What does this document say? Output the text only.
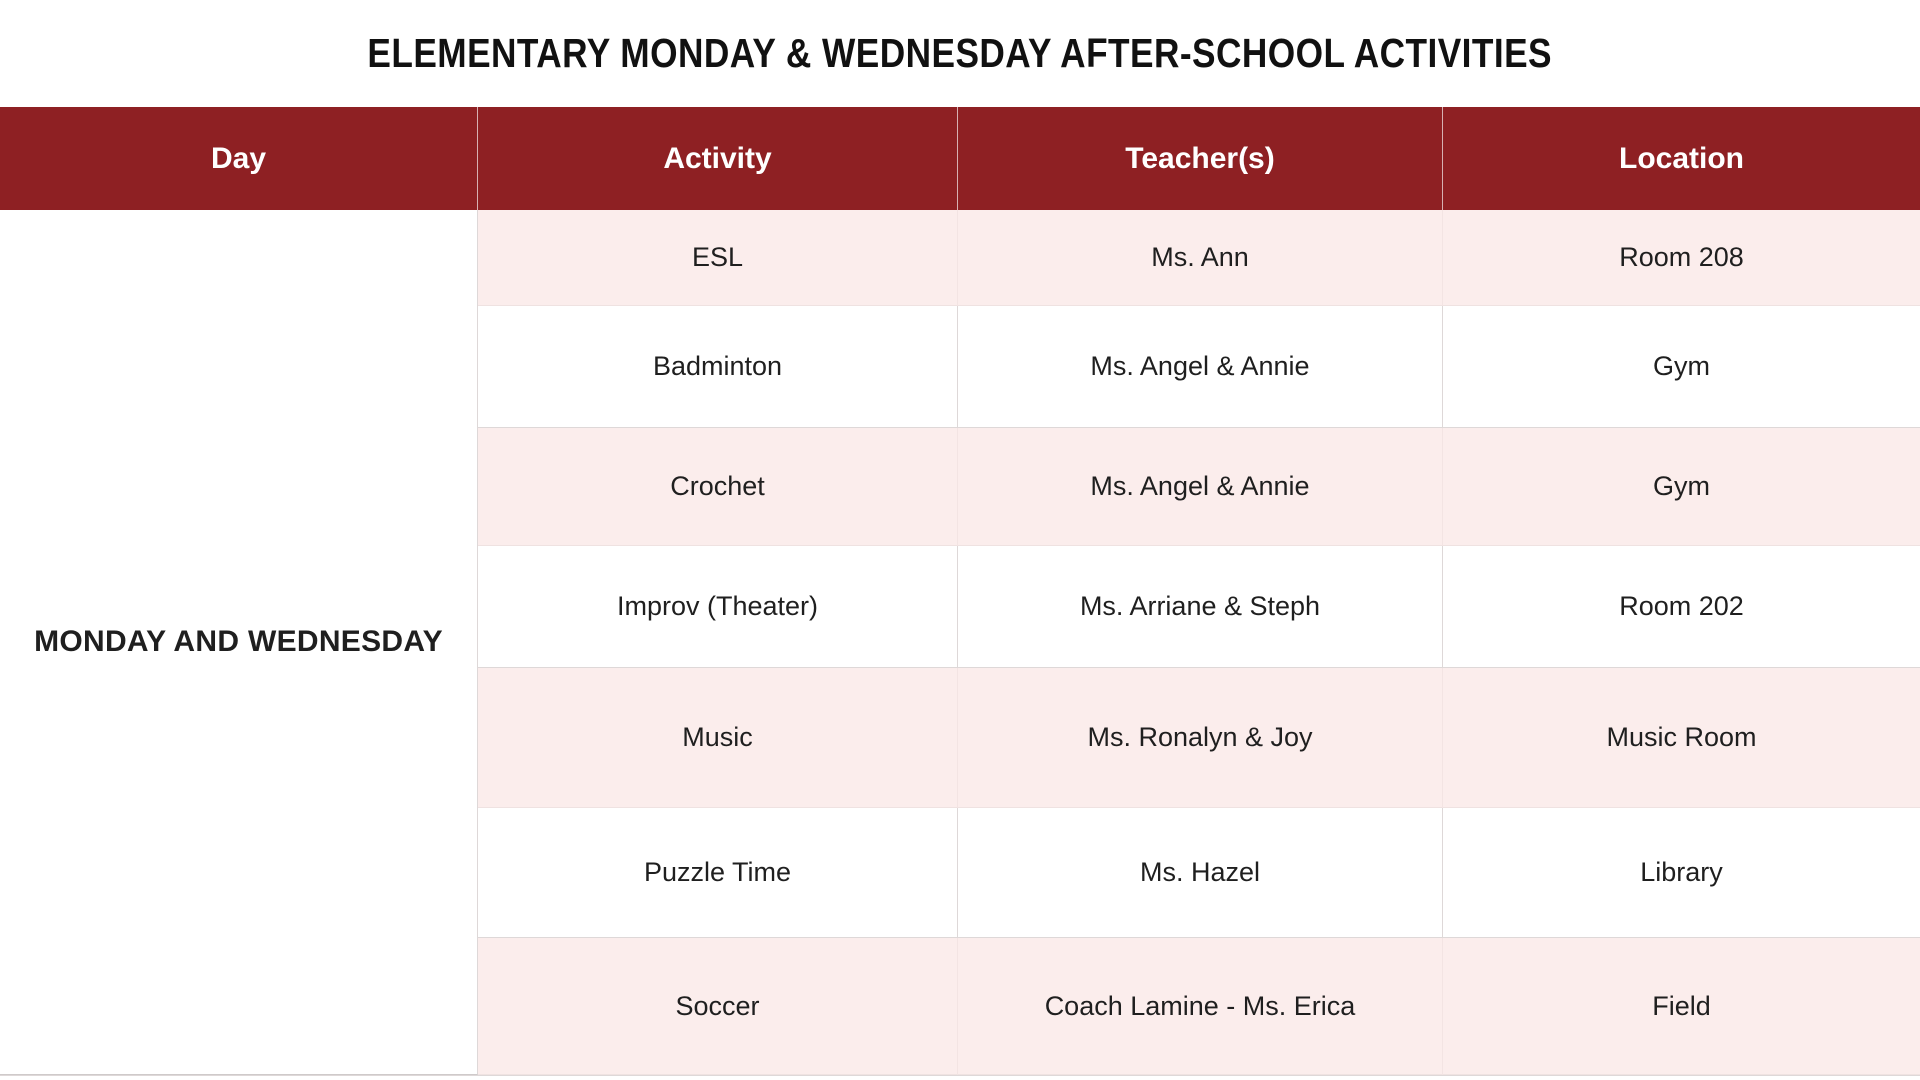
ELEMENTARY MONDAY & WEDNESDAY AFTER-SCHOOL ACTIVITIES
Day	Activity	Teacher(s)	Location
MONDAY AND WEDNESDAY
ESL	Ms. Ann	Room 208
Badminton	Ms. Angel & Annie	Gym
Crochet	Ms. Angel & Annie	Gym
Improv (Theater)	Ms. Arriane & Steph	Room 202
Music	Ms. Ronalyn & Joy	Music Room
Puzzle Time	Ms. Hazel	Library
Soccer	Coach Lamine - Ms. Erica	Field
